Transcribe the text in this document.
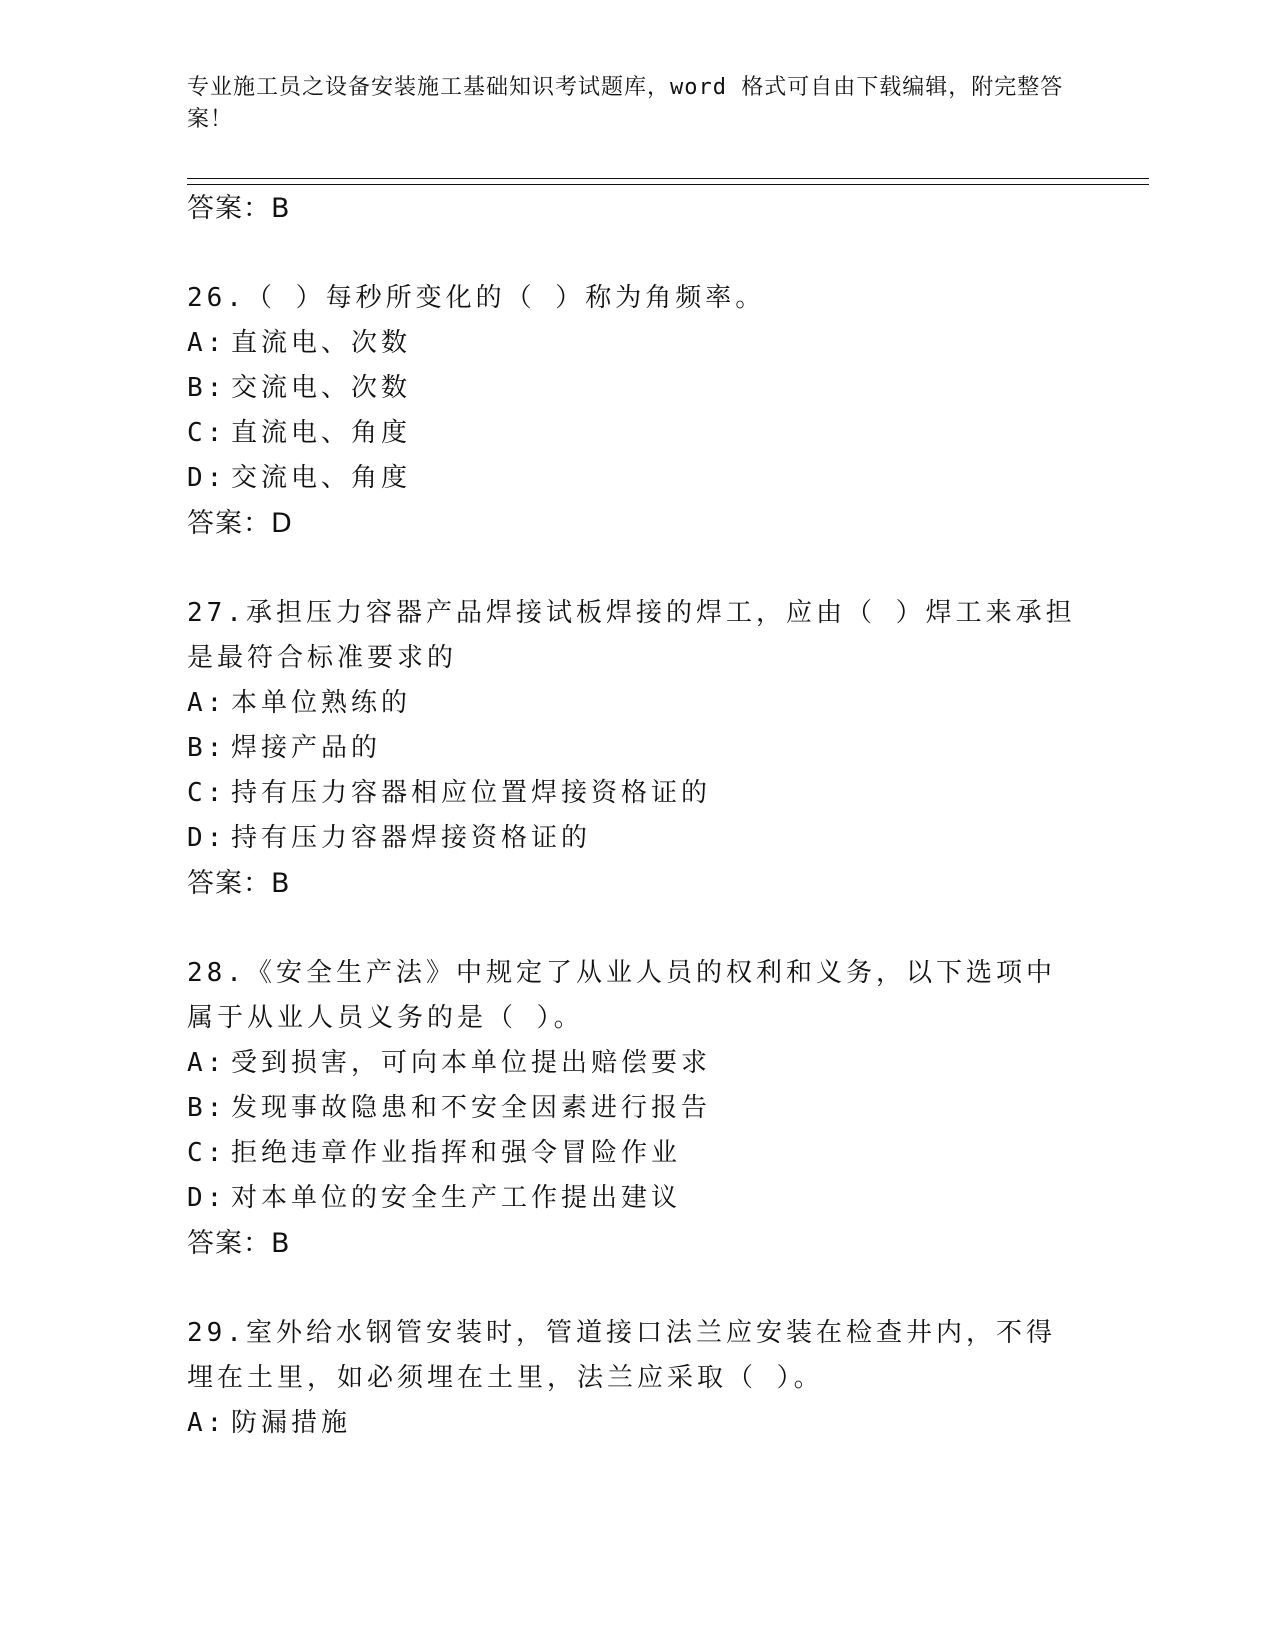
专业施工员之设备安装施工基础知识考试题库，word 格式可自由下载编辑，附完整答案！
答案：B
26.（ ）每秒所变化的（ ）称为角频率。
A: 直流电、次数
B: 交流电、次数
C: 直流电、角度
D: 交流电、角度
答案：D
27.承担压力容器产品焊接试板焊接的焊工，应由（ ）焊工来承担是最符合标准要求的
A: 本单位熟练的
B: 焊接产品的
C: 持有压力容器相应位置焊接资格证的
D: 持有压力容器焊接资格证的
答案：B
28.《安全生产法》中规定了从业人员的权利和义务，以下选项中属于从业人员义务的是（ ）。
A: 受到损害，可向本单位提出赔偿要求
B: 发现事故隐患和不安全因素进行报告
C: 拒绝违章作业指挥和强令冒险作业
D: 对本单位的安全生产工作提出建议
答案：B
29.室外给水钢管安装时，管道接口法兰应安装在检查井内，不得埋在土里，如必须埋在土里，法兰应采取（ ）。
A: 防漏措施
